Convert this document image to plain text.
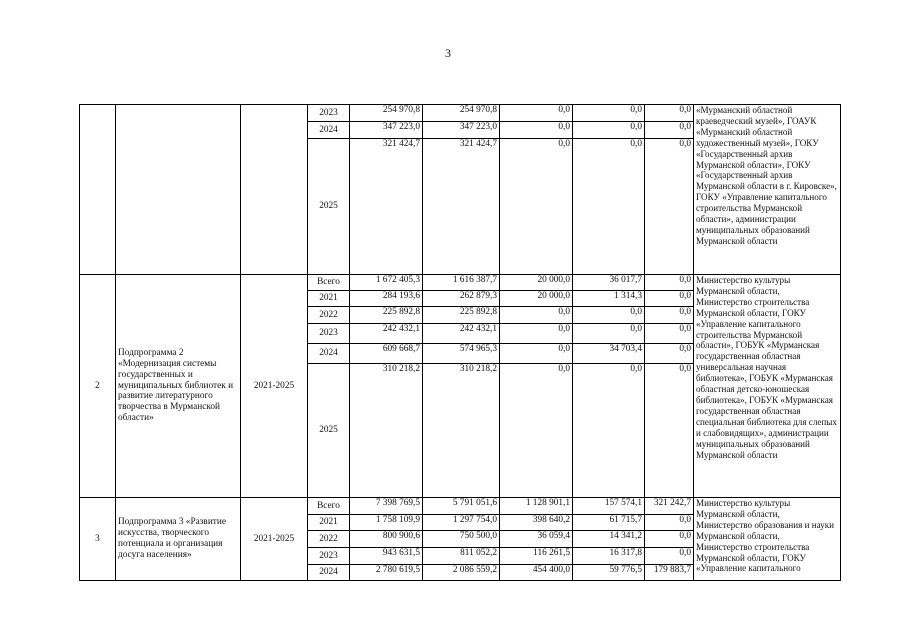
3
			2023	254 970,8	254 970,8	0,0	0,0	0,0	«Мурманский областной краеведческий музей», ГОАУК «Мурманский областной художественный музей», ГОКУ «Государственный архив Мурманской области», ГОКУ «Государственный архив Мурманской области в г. Кировске», ГОКУ «Управление капитального строительства Мурманской области», администрации муниципальных образований Мурманской области
			2024	347 223,0	347 223,0	0,0	0,0	0,0	
			2025	321 424,7	321 424,7	0,0	0,0	0,0	
2	Подпрограмма 2 «Модернизация системы государственных и муниципальных библиотек и развитие литературного творчества в Мурманской области»	2021-2025	Всего	1 672 405,3	1 616 387,7	20 000,0	36 017,7	0,0	Министерство культуры Мурманской области, Министерство строительства Мурманской области, ГОКУ «Управление капитального строительства Мурманской области», ГОБУК «Мурманская государственная областная универсальная научная библиотека», ГОБУК «Мурманская областная детско-юношеская библиотека», ГОБУК «Мурманская государственная областная специальная библиотека для слепых и слабовидящих», администрации муниципальных образований Мурманской области
			2021	284 193,6	262 879,3	20 000,0	1 314,3	0,0	
			2022	225 892,8	225 892,8	0,0	0,0	0,0	
			2023	242 432,1	242 432,1	0,0	0,0	0,0	
			2024	609 668,7	574 965,3	0,0	34 703,4	0,0	
			2025	310 218,2	310 218,2	0,0	0,0	0,0	
3	Подпрограмма 3 «Развитие искусства, творческого потенциала и организация досуга населения»	2021-2025	Всего	7 398 769,5	5 791 051,6	1 128 901,1	157 574,1	321 242,7	Министерство культуры Мурманской области, Министерство образования и науки Мурманской области, Министерство строительства Мурманской области, ГОКУ «Управление капитального
			2021	1 758 109,9	1 297 754,0	398 640,2	61 715,7	0,0	
			2022	800 900,6	750 500,0	36 059,4	14 341,2	0,0	
			2023	943 631,5	811 052,2	116 261,5	16 317,8	0,0	
			2024	2 780 619,5	2 086 559,2	454 400,0	59 776,5	179 883,7	
